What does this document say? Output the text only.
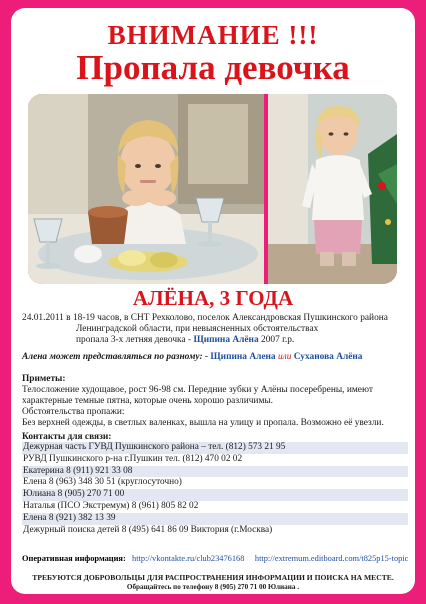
ВНИМАНИЕ !!!
Пропала девочка
АЛЁНА, 3 ГОДА
24.01.2011 в 18-19 часов, в СНТ Рехколово, поселок Александровская Пушкинского района
Ленинградской области, при невыясненных обстоятельствах
пропала 3-х летняя девочка - Щипина Алёна 2007 г.р.
Алена может представляться по разному: - Щипина Алена или Суханова Алёна
Приметы:
Телосложение худощавое, рост 96-98 см. Передние зубки у Алёны посеребрены, имеют
характерные темные пятна, которые очень хорошо различимы.
Обстоятельства пропажи:
Без верхней одежды, в светлых валенках, вышла на улицу и пропала. Возможно её увезли.
Контакты для связи:
Дежурная часть ГУВД Пушкинского района – тел. (812) 573 21 95
РУВД Пушкинского р-на г.Пушкин тел. (812) 470 02 02
Екатерина 8 (911) 921 33 08
Елена 8 (963) 348 30 51 (круглосуточно)
Юлиана 8 (905) 270 71 00
Наталья (ПСО Экстремум) 8 (961) 805 82 02
Елена 8 (921) 382 13 39
Дежурный поиска детей 8 (495) 641 86 09 Виктория (г.Москва)
Оперативная информация: http://vkontakte.ru/club23476168 http://extremum.editboard.com/t825p15-topic
ТРЕБУЮТСЯ ДОБРОВОЛЬЦЫ ДЛЯ РАСПРОСТРАНЕНИЯ ИНФОРМАЦИИ И ПОИСКА НА МЕСТЕ.
Обращайтесь по телефону 8 (905) 270 71 00 Юлиана .
